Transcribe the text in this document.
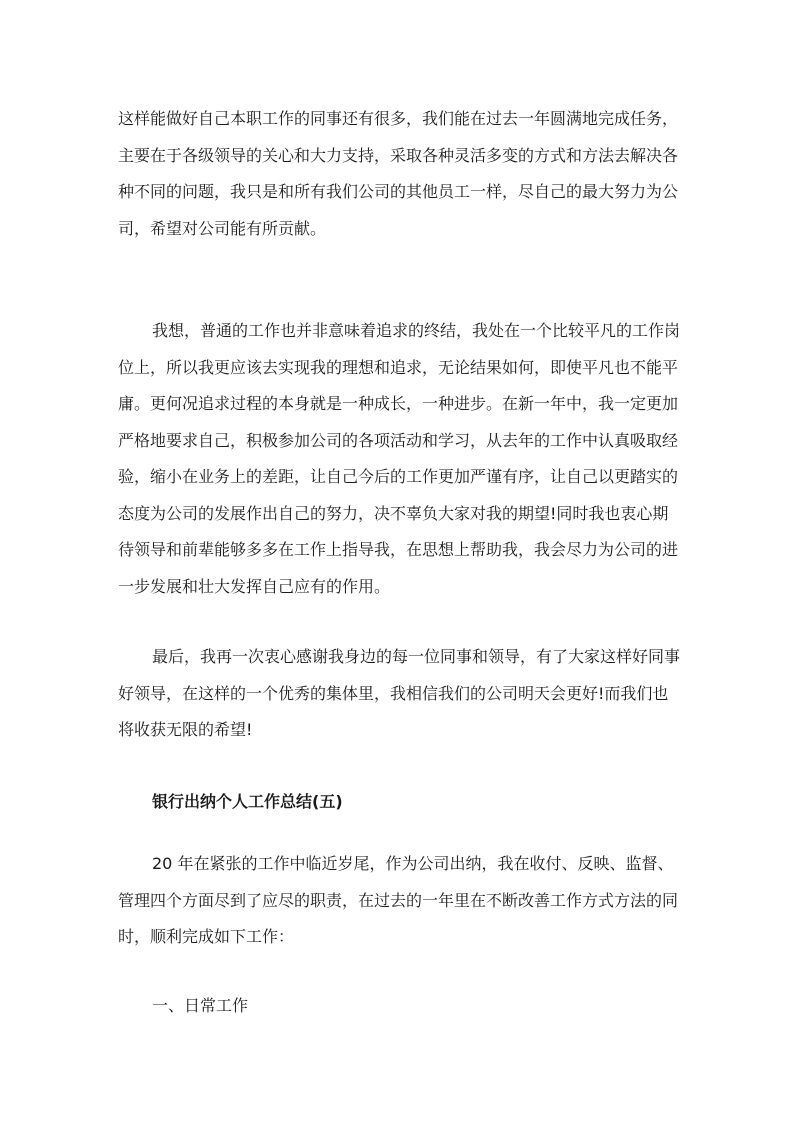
这样能做好自己本职工作的同事还有很多，我们能在过去一年圆满地完成任务，
主要在于各级领导的关心和大力支持，采取各种灵活多变的方式和方法去解决各
种不同的问题，我只是和所有我们公司的其他员工一样，尽自己的最大努力为公
司，希望对公司能有所贡献。

我想，普通的工作也并非意味着追求的终结，我处在一个比较平凡的工作岗
位上，所以我更应该去实现我的理想和追求，无论结果如何，即使平凡也不能平
庸。更何况追求过程的本身就是一种成长，一种进步。在新一年中，我一定更加
严格地要求自己，积极参加公司的各项活动和学习，从去年的工作中认真吸取经
验，缩小在业务上的差距，让自己今后的工作更加严谨有序，让自己以更踏实的
态度为公司的发展作出自己的努力，决不辜负大家对我的期望!同时我也衷心期
待领导和前辈能够多多在工作上指导我，在思想上帮助我，我会尽力为公司的进
一步发展和壮大发挥自己应有的作用。

最后，我再一次衷心感谢我身边的每一位同事和领导，有了大家这样好同事
好领导，在这样的一个优秀的集体里，我相信我们的公司明天会更好!而我们也
将收获无限的希望!

银行出纳个人工作总结(五)

20 年在紧张的工作中临近岁尾，作为公司出纳，我在收付、反映、监督、
管理四个方面尽到了应尽的职责，在过去的一年里在不断改善工作方式方法的同
时，顺利完成如下工作：

一、日常工作
